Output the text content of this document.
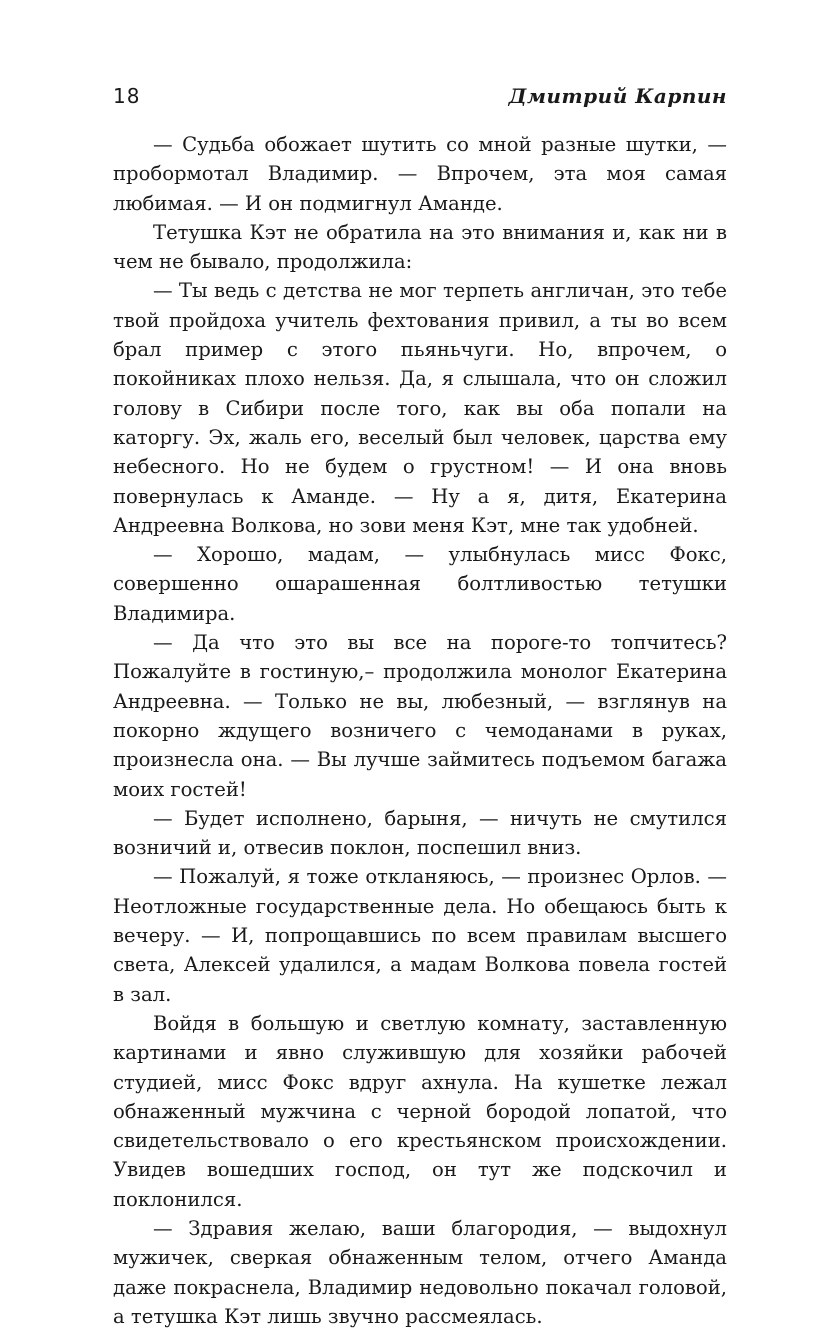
18	Дмитрий Карпин

— Судьба обожает шутить со мной разные шутки, — пробормотал Владимир. — Впрочем, эта моя самая любимая. — И он подмигнул Аманде.

Тетушка Кэт не обратила на это внимания и, как ни в чем не бывало, продолжила:

— Ты ведь с детства не мог терпеть англичан, это тебе твой пройдоха учитель фехтования привил, а ты во всем брал пример с этого пьяньчуги. Но, впрочем, о покойниках плохо нельзя. Да, я слышала, что он сложил голову в Сибири после того, как вы оба попали на каторгу. Эх, жаль его, веселый был человек, царства ему небесного. Но не будем о грустном! — И она вновь повернулась к Аманде. — Ну а я, дитя, Екатерина Андреевна Волкова, но зови меня Кэт, мне так удобней.

— Хорошо, мадам, — улыбнулась мисс Фокс, совершенно ошарашенная болтливостью тетушки Владимира.

— Да что это вы все на пороге-то топчитесь? Пожалуйте в гостиную,– продолжила монолог Екатерина Андреевна. — Только не вы, любезный, — взглянув на покорно ждущего возничего с чемоданами в руках, произнесла она. — Вы лучше займитесь подъемом багажа моих гостей!

— Будет исполнено, барыня, — ничуть не смутился возничий и, отвесив поклон, поспешил вниз.

— Пожалуй, я тоже откланяюсь, — произнес Орлов. — Неотложные государственные дела. Но обещаюсь быть к вечеру. — И, попрощавшись по всем правилам высшего света, Алексей удалился, а мадам Волкова повела гостей в зал.

Войдя в большую и светлую комнату, заставленную картинами и явно служившую для хозяйки рабочей студией, мисс Фокс вдруг ахнула. На кушетке лежал обнаженный мужчина с черной бородой лопатой, что свидетельствовало о его крестьянском происхождении. Увидев вошедших господ, он тут же подскочил и поклонился.

— Здравия желаю, ваши благородия, — выдохнул мужичек, сверкая обнаженным телом, отчего Аманда даже покраснела, Владимир недовольно покачал головой, а тетушка Кэт лишь звучно рассмеялась.
